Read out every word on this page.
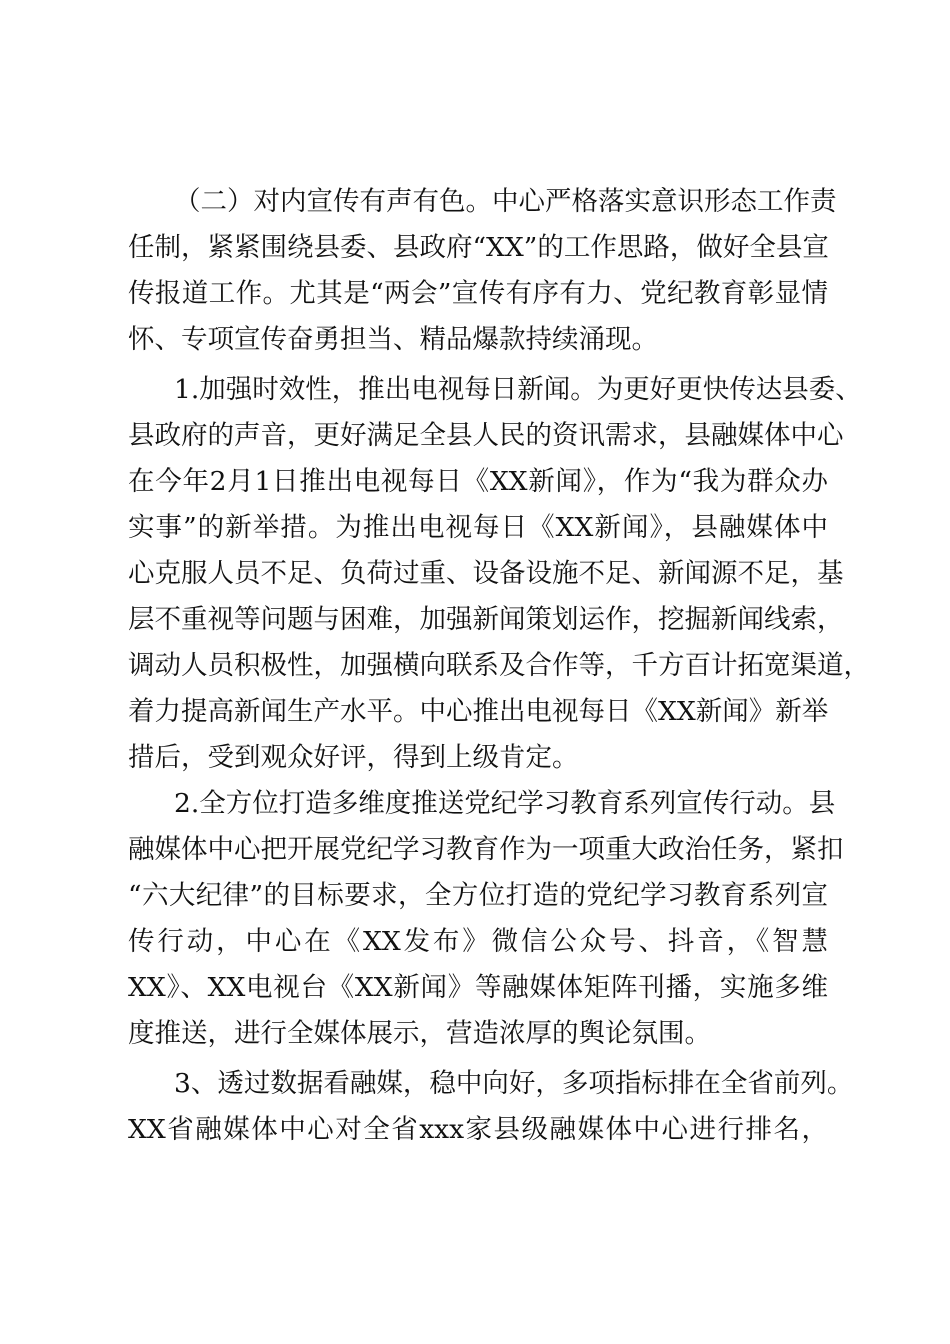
（二）对内宣传有声有色。中心严格落实意识形态工作责
任制，紧紧围绕县委、县政府“XX”的工作思路，做好全县宣
传报道工作。尤其是“两会”宣传有序有力、党纪教育彰显情
怀、专项宣传奋勇担当、精品爆款持续涌现。
1.加强时效性，推出电视每日新闻。为更好更快传达县委、
县政府的声音，更好满足全县人民的资讯需求，县融媒体中心
在今年2月1日推出电视每日《XX新闻》，作为“我为群众办
实事”的新举措。为推出电视每日《XX新闻》，县融媒体中
心克服人员不足、负荷过重、设备设施不足、新闻源不足，基
层不重视等问题与困难，加强新闻策划运作，挖掘新闻线索，
调动人员积极性，加强横向联系及合作等，千方百计拓宽渠道，
着力提高新闻生产水平。中心推出电视每日《XX新闻》新举
措后，受到观众好评，得到上级肯定。
2.全方位打造多维度推送党纪学习教育系列宣传行动。县
融媒体中心把开展党纪学习教育作为一项重大政治任务，紧扣
“六大纪律”的目标要求，全方位打造的党纪学习教育系列宣
传行动，中心在《XX发布》微信公众号、抖音，《智慧
XX》、XX电视台《XX新闻》等融媒体矩阵刊播，实施多维
度推送，进行全媒体展示，营造浓厚的舆论氛围。
3、透过数据看融媒，稳中向好，多项指标排在全省前列。
XX省融媒体中心对全省xxx家县级融媒体中心进行排名，
